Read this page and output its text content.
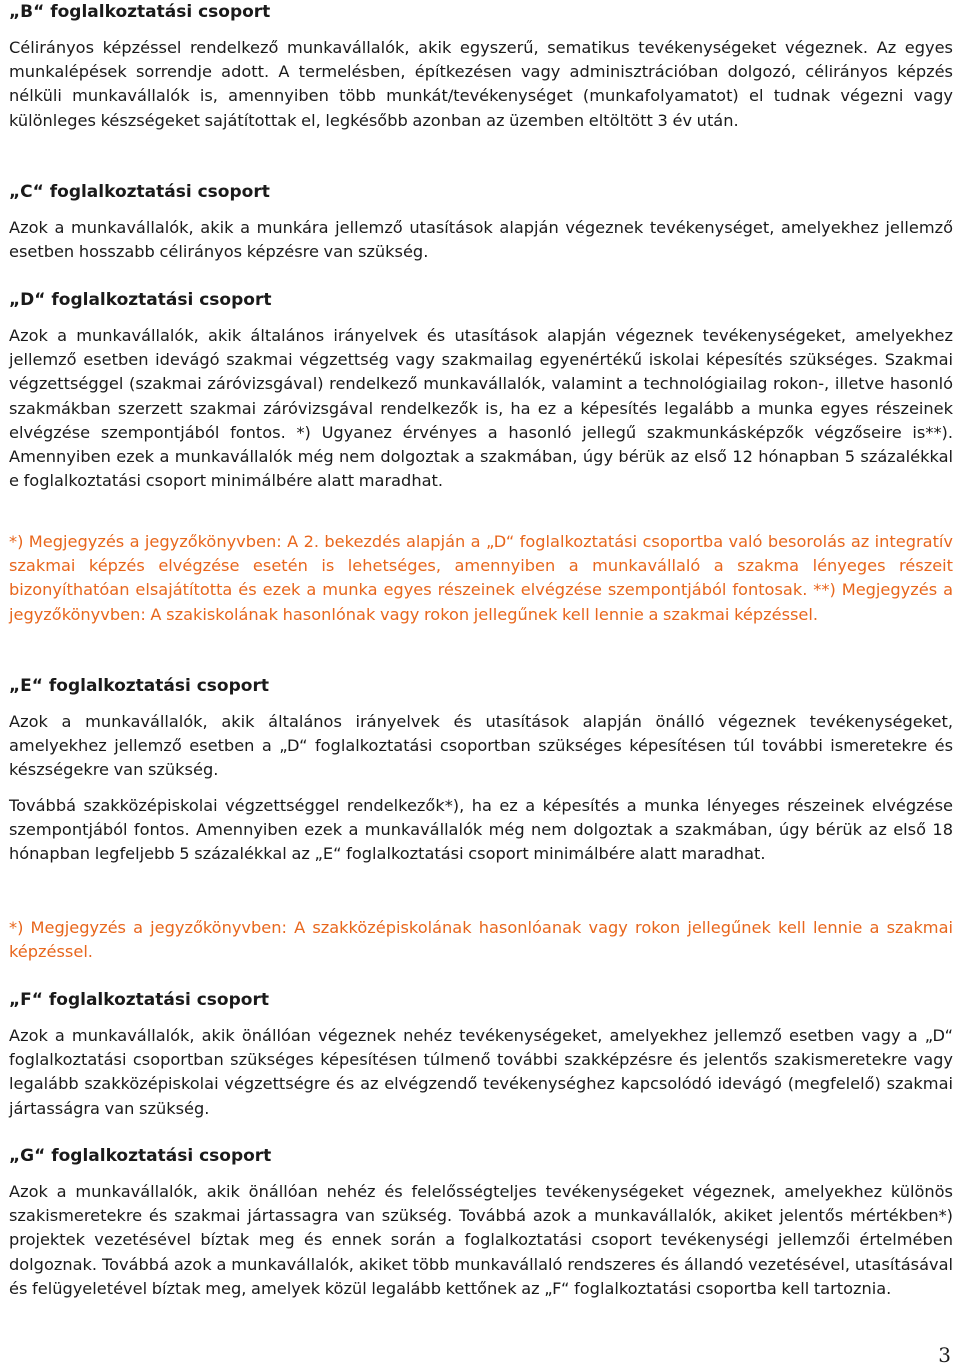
„B“ foglalkoztatási csoport

Célirányos képzéssel rendelkező munkavállalók, akik egyszerű, sematikus tevékenységeket végeznek. Az egyes munkalépések sorrendje adott. A termelésben, építkezésen vagy adminisztrációban dolgozó, célirányos képzés nélküli munkavállalók is, amennyiben több munkát/tevékenységet (munkafolyamatot) el tudnak végezni vagy különleges készségeket sajátítottak el, legkésőbb azonban az üzemben eltöltött 3 év után.

„C“ foglalkoztatási csoport

Azok a munkavállalók, akik a munkára jellemző utasítások alapján végeznek tevékenységet, amelyekhez jellemző esetben hosszabb célirányos képzésre van szükség.

„D“ foglalkoztatási csoport

Azok a munkavállalók, akik általános irányelvek és utasítások alapján végeznek tevékenységeket, amelyekhez jellemző esetben idevágó szakmai végzettség vagy szakmailag egyenértékű iskolai képesítés szükséges. Szakmai végzettséggel (szakmai záróvizsgával) rendelkező munkavállalók, valamint a technológiailag rokon-, illetve hasonló szakmákban szerzett szakmai záróvizsgával rendelkezők is, ha ez a képesítés legalább a munka egyes részeinek elvégzése szempontjából fontos. *) Ugyanez érvényes a hasonló jellegű szakmunkásképzők végzőseire is**). Amennyiben ezek a munkavállalók még nem dolgoztak a szakmában, úgy bérük az első 12 hónapban 5 százalékkal e foglalkoztatási csoport minimálbére alatt maradhat.

*) Megjegyzés a jegyzőkönyvben: A 2. bekezdés alapján a „D“ foglalkoztatási csoportba való besorolás az integratív szakmai képzés elvégzése esetén is lehetséges, amennyiben a munkavállaló a szakma lényeges részeit bizonyíthatóan elsajátította és ezek a munka egyes részeinek elvégzése szempontjából fontosak. **) Megjegyzés a jegyzőkönyvben: A szakiskolának hasonlónak vagy rokon jellegűnek kell lennie a szakmai képzéssel.

„E“ foglalkoztatási csoport

Azok a munkavállalók, akik általános irányelvek és utasítások alapján önálló végeznek tevékenységeket, amelyekhez jellemző esetben a „D“ foglalkoztatási csoportban szükséges képesítésen túl további ismeretekre és készségekre van szükség.

Továbbá szakközépiskolai végzettséggel rendelkezők*), ha ez a képesítés a munka lényeges részeinek elvégzése szempontjából fontos. Amennyiben ezek a munkavállalók még nem dolgoztak a szakmában, úgy bérük az első 18 hónapban legfeljebb 5 százalékkal az „E“ foglalkoztatási csoport minimálbére alatt maradhat.

*) Megjegyzés a jegyzőkönyvben: A szakközépiskolának hasonlóanak vagy rokon jellegűnek kell lennie a szakmai képzéssel.

„F“ foglalkoztatási csoport

Azok a munkavállalók, akik önállóan végeznek nehéz tevékenységeket, amelyekhez jellemző esetben vagy a „D“ foglalkoztatási csoportban szükséges képesítésen túlmenő további szakképzésre és jelentős szakismeretekre vagy legalább szakközépiskolai végzettségre és az elvégzendő tevékenységhez kapcsolódó idevágó (megfelelő) szakmai jártasságra van szükség.

„G“ foglalkoztatási csoport

Azok a munkavállalók, akik önállóan nehéz és felelősségteljes tevékenységeket végeznek, amelyekhez különös szakismeretekre és szakmai jártassagra van szükség. Továbbá azok a munkavállalók, akiket jelentős mértékben*) projektek vezetésével bíztak meg és ennek során a foglalkoztatási csoport tevékenységi jellemzői értelmében dolgoznak. Továbbá azok a munkavállalók, akiket több munkavállaló rendszeres és állandó vezetésével, utasításával és felügyeletével bíztak meg, amelyek közül legalább kettőnek az „F“ foglalkoztatási csoportba kell tartoznia.

3
